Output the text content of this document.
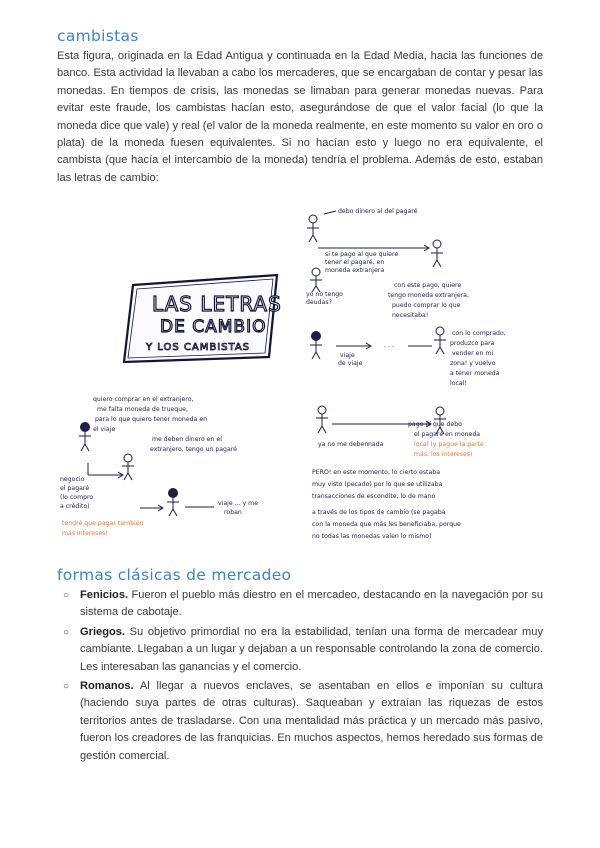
cambistas

Esta figura, originada en la Edad Antigua y continuada en la Edad Media, hacia las funciones de banco. Esta actividad la llevaban a cabo los mercaderes, que se encargaban de contar y pesar las monedas. En tiempos de crisis, las monedas se limaban para generar monedas nuevas. Para evitar este fraude, los cambistas hacían esto, asegurándose de que el valor facial (lo que la moneda dice que vale) y real (el valor de la moneda realmente, en este momento su valor en oro o plata) de la moneda fuesen equivalentes. Si no hacían esto y luego no era equivalente, el cambista (que hacía el intercambio de la moneda) tendría el problema. Además de esto, estaban las letras de cambio:

LAS LETRAS
DE CAMBIO
Y LOS CAMBISTAS
debo dinero al del pagaré
si te pago al que quiere
tener el pagaré, en
moneda extranjera
yo no tengo
deudas?
con este pago, quiere
tengo moneda extranjera,
puedo comprar lo que
necesitaba!
viaje
de viaje
. . .
con lo comprado,
produzco para
vender en mi
zona! y vuelvo
a tener moneda
local!
quiero comprar en el extranjero,
me falta moneda de trueque,
para lo que quiero tener moneda en
el viaje
me deben dinero en el
extranjero, tengo un pagaré
negocio
el pagaré
(lo compro
a crédito)
tendré que pagar también
más intereses!
viaje ... y me
roban
pago al que debo
el pagaré en moneda
local (y pague la parte
más, los intereses)
ya no me deben nada
PERO! en este momento, lo cierto estaba
muy visto (pecado) por lo que se utilizaba
transacciones de escondite, lo de mano
a través de los tipos de cambio (se pagaba
con la moneda que más les beneficiaba, porque
no todas las monedas valen lo mismo)
formas clásicas de mercadeo
○ Fenicios. Fueron el pueblo más diestro en el mercadeo, destacando en la navegación por su sistema de cabotaje.
○ Griegos. Su objetivo primordial no era la estabilidad, tenían una forma de mercadear muy cambiante. Llegaban a un lugar y dejaban a un responsable controlando la zona de comercio. Les interesaban las ganancias y el comercio.
○ Romanos. Al llegar a nuevos enclaves, se asentaban en ellos e imponían su cultura (haciendo suya partes de otras culturas). Saqueaban y extraían las riquezas de estos territorios antes de trasladarse. Con una mentalidad más práctica y un mercado más pasivo, fueron los creadores de las franquicias. En muchos aspectos, hemos heredado sus formas de gestión comercial.
